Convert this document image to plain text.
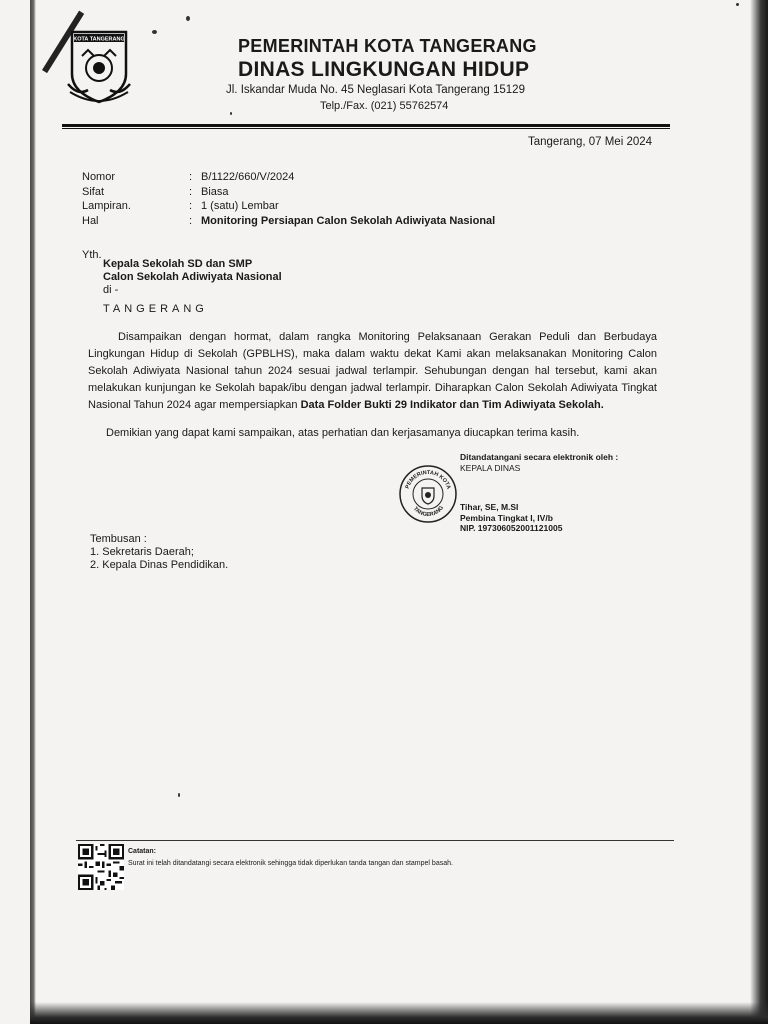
KOTA TANGERANG	PEMERINTAH KOTA TANGERANG
DINAS LINGKUNGAN HIDUP
Jl. Iskandar Muda No. 45 Neglasari Kota Tangerang 15129
Telp./Fax. (021) 55762574
Tangerang, 07 Mei 2024
Nomor	: B/1122/660/V/2024
Sifat	: Biasa
Lampiran.	: 1 (satu) Lembar
Hal	: Monitoring Persiapan Calon Sekolah Adiwiyata Nasional
Yth.
Kepala Sekolah SD dan SMP
Calon Sekolah Adiwiyata Nasional
di -
TANGERANG

Disampaikan dengan hormat, dalam rangka Monitoring Pelaksanaan Gerakan Peduli dan Berbudaya Lingkungan Hidup di Sekolah (GPBLHS), maka dalam waktu dekat Kami akan melaksanakan Monitoring Calon Sekolah Adiwiyata Nasional tahun 2024 sesuai jadwal terlampir. Sehubungan dengan hal tersebut, kami akan melakukan kunjungan ke Sekolah bapak/ibu dengan jadwal terlampir. Diharapkan Calon Sekolah Adiwiyata Tingkat Nasional Tahun 2024 agar mempersiapkan Data Folder Bukti 29 Indikator dan Tim Adiwiyata Sekolah.

Demikian yang dapat kami sampaikan, atas perhatian dan kerjasamanya diucapkan terima kasih.
Ditandatangani secara elektronik oleh :
KEPALA DINAS
PEMERINTAH KOTA
TANGERANG Tihar, SE, M.SI
Pembina Tingkat I, IV/b
NIP. 197306052001121005
Tembusan :
1. Sekretaris Daerah;
2. Kepala Dinas Pendidikan.
Catatan:
Surat ini telah ditandatangi secara elektronik sehingga tidak diperlukan tanda tangan dan stampel basah.
